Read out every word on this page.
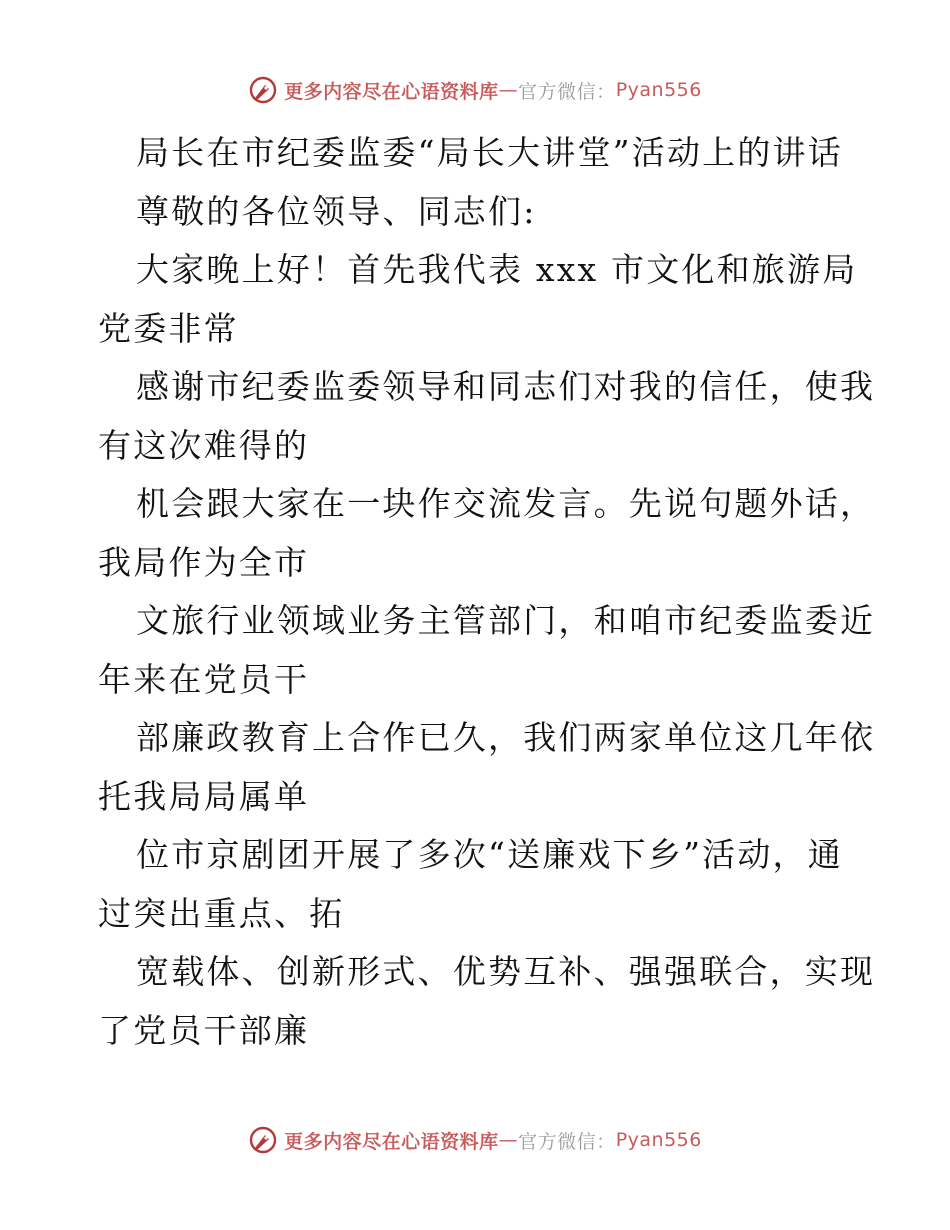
更多内容尽在心语资料库 — 官方微信： Pyan556
局长在市纪委监委“局长大讲堂”活动上的讲话
尊敬的各位领导、同志们:
大家晚上好！首先我代表 xxx 市文化和旅游局
党委非常
感谢市纪委监委领导和同志们对我的信任，使我
有这次难得的
机会跟大家在一块作交流发言。先说句题外话，
我局作为全市
文旅行业领域业务主管部门，和咱市纪委监委近
年来在党员干
部廉政教育上合作已久，我们两家单位这几年依
托我局局属单
位市京剧团开展了多次“送廉戏下乡”活动，通
过突出重点、拓
宽载体、创新形式、优势互补、强强联合，实现
了党员干部廉
更多内容尽在心语资料库 — 官方微信： Pyan556
